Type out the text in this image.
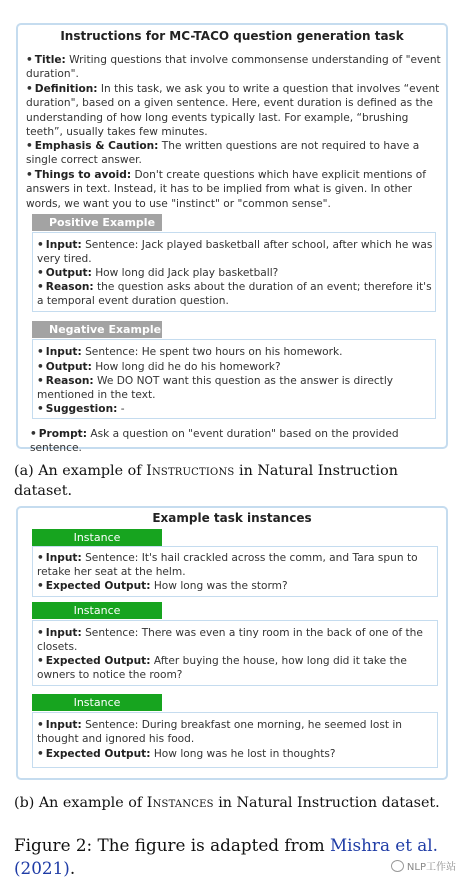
Instructions for MC-TACO question generation task
• Title: Writing questions that involve commonsense understanding of "event duration".
• Definition: In this task, we ask you to write a question that involves “event duration", based on a given sentence. Here, event duration is defined as the understanding of how long events typically last. For example, “brushing teeth”, usually takes few minutes.
• Emphasis & Caution: The written questions are not required to have a single correct answer.
• Things to avoid: Don't create questions which have explicit mentions of answers in text. Instead, it has to be implied from what is given. In other words, we want you to use "instinct" or "common sense".
Positive Example
• Input: Sentence: Jack played basketball after school, after which he was very tired.
• Output: How long did Jack play basketball?
• Reason: the question asks about the duration of an event; therefore it's a temporal event duration question.
Negative Example
• Input: Sentence: He spent two hours on his homework.
• Output: How long did he do his homework?
• Reason: We DO NOT want this question as the answer is directly mentioned in the text.
• Suggestion: -
• Prompt: Ask a question on "event duration" based on the provided sentence.
(a) An example of Instructions in Natural Instruction dataset.
Example task instances
Instance
• Input: Sentence: It's hail crackled across the comm, and Tara spun to retake her seat at the helm.
• Expected Output: How long was the storm?
Instance
• Input: Sentence: There was even a tiny room in the back of one of the closets.
• Expected Output: After buying the house, how long did it take the owners to notice the room?
Instance
• Input: Sentence: During breakfast one morning, he seemed lost in thought and ignored his food.
• Expected Output: How long was he lost in thoughts?
(b) An example of Instances in Natural Instruction dataset.
Figure 2: The figure is adapted from Mishra et al. (2021).	NLP工作站
